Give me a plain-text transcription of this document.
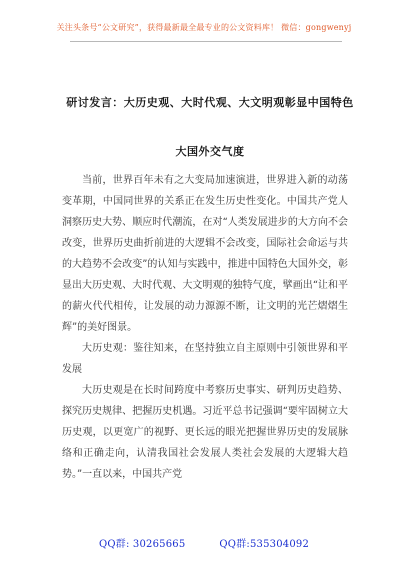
关注头条号“公文研究”，获得最新最全最专业的公文资料库！ 微信：gongwenyj
研讨发言：大历史观、大时代观、大文明观彰显中国特色
大国外交气度

当前，世界百年未有之大变局加速演进，世界进入新的动荡变革期，中国同世界的关系正在发生历史性变化。中国共产党人洞察历史大势、顺应时代潮流，在对“人类发展进步的大方向不会改变，世界历史曲折前进的大逻辑不会改变，国际社会命运与共的大趋势不会改变”的认知与实践中，推进中国特色大国外交，彰显出大历史观、大时代观、大文明观的独特气度，擘画出“让和平的薪火代代相传，让发展的动力源源不断，让文明的光芒熠熠生辉”的美好图景。

大历史观：鉴往知来，在坚持独立自主原则中引领世界和平发展

大历史观是在长时间跨度中考察历史事实、研判历史趋势、探究历史规律、把握历史机遇。习近平总书记强调“要牢固树立大历史观，以更宽广的视野、更长远的眼光把握世界历史的发展脉络和正确走向，认清我国社会发展人类社会发展的大逻辑大趋势。”一直以来，中国共产党

QQ群: 30265665	QQ群:535304092
